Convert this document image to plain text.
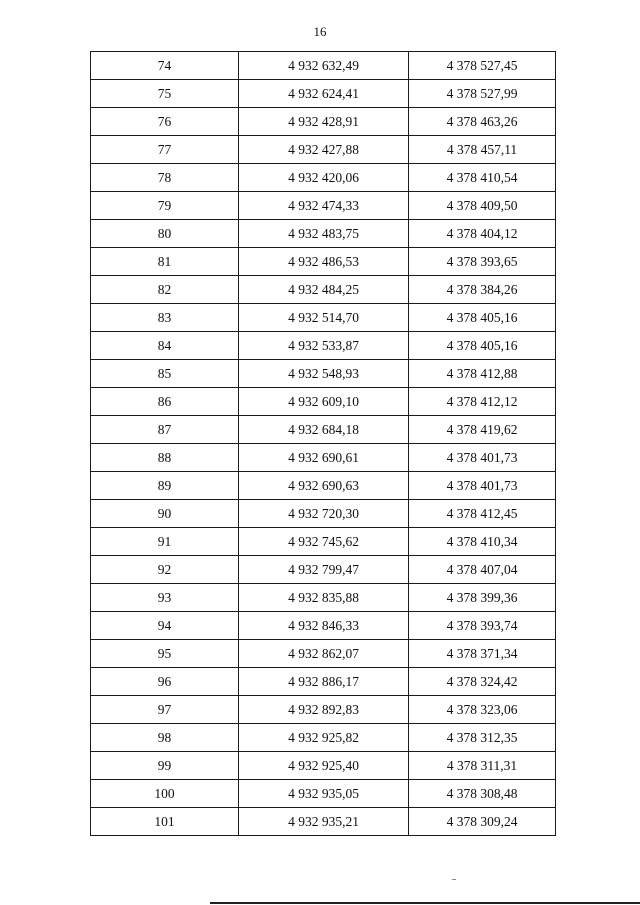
16
74	4 932 632,49	4 378 527,45
75	4 932 624,41	4 378 527,99
76	4 932 428,91	4 378 463,26
77	4 932 427,88	4 378 457,11
78	4 932 420,06	4 378 410,54
79	4 932 474,33	4 378 409,50
80	4 932 483,75	4 378 404,12
81	4 932 486,53	4 378 393,65
82	4 932 484,25	4 378 384,26
83	4 932 514,70	4 378 405,16
84	4 932 533,87	4 378 405,16
85	4 932 548,93	4 378 412,88
86	4 932 609,10	4 378 412,12
87	4 932 684,18	4 378 419,62
88	4 932 690,61	4 378 401,73
89	4 932 690,63	4 378 401,73
90	4 932 720,30	4 378 412,45
91	4 932 745,62	4 378 410,34
92	4 932 799,47	4 378 407,04
93	4 932 835,88	4 378 399,36
94	4 932 846,33	4 378 393,74
95	4 932 862,07	4 378 371,34
96	4 932 886,17	4 378 324,42
97	4 932 892,83	4 378 323,06
98	4 932 925,82	4 378 312,35
99	4 932 925,40	4 378 311,31
100	4 932 935,05	4 378 308,48
101	4 932 935,21	4 378 309,24
